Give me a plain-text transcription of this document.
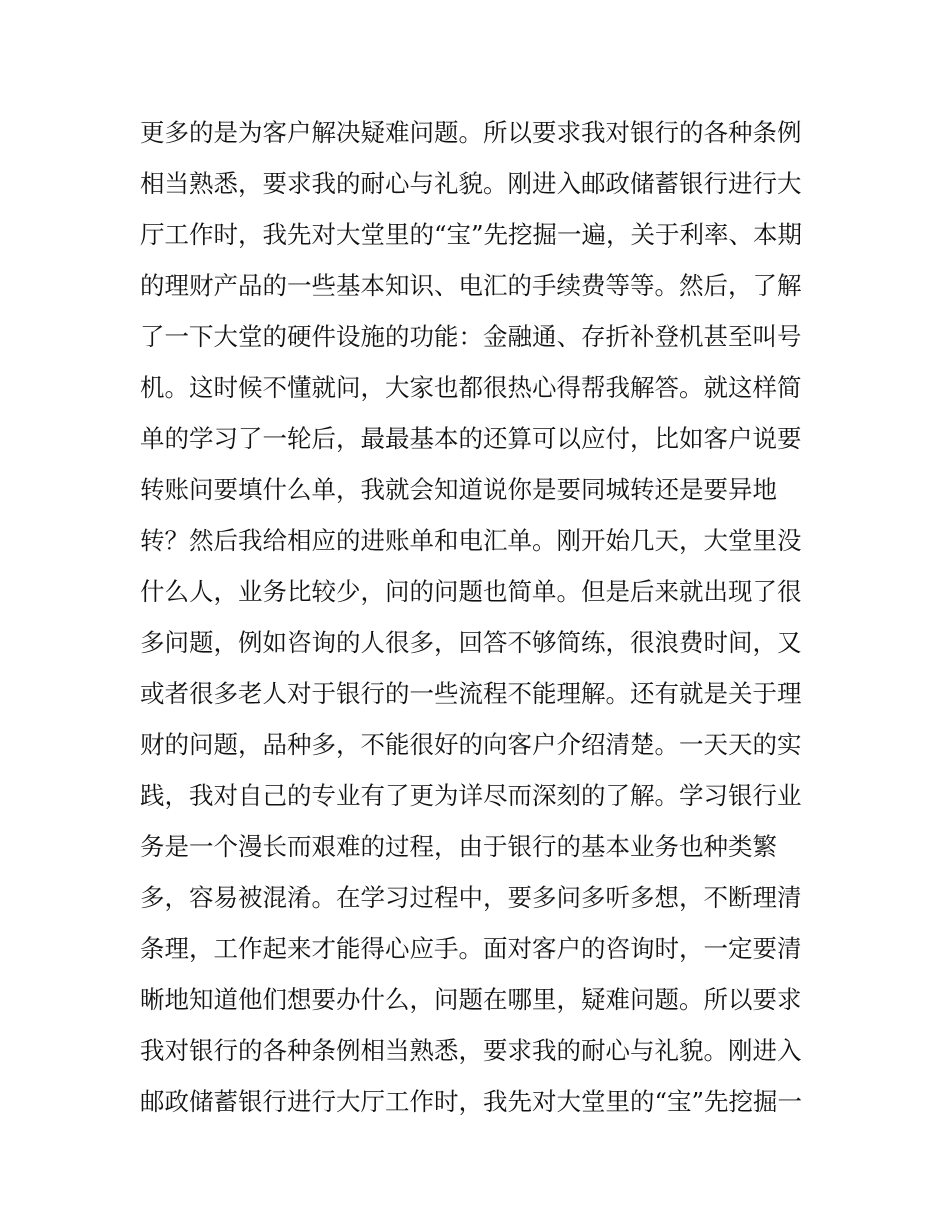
更多的是为客户解决疑难问题。所以要求我对银行的各种条例
相当熟悉，要求我的耐心与礼貌。刚进入邮政储蓄银行进行大
厅工作时，我先对大堂里的“宝”先挖掘一遍，关于利率、本期
的理财产品的一些基本知识、电汇的手续费等等。然后，了解
了一下大堂的硬件设施的功能：金融通、存折补登机甚至叫号
机。这时候不懂就问，大家也都很热心得帮我解答。就这样简
单的学习了一轮后，最最基本的还算可以应付，比如客户说要
转账问要填什么单，我就会知道说你是要同城转还是要异地
转？然后我给相应的进账单和电汇单。刚开始几天，大堂里没
什么人，业务比较少，问的问题也简单。但是后来就出现了很
多问题，例如咨询的人很多，回答不够简练，很浪费时间，又
或者很多老人对于银行的一些流程不能理解。还有就是关于理
财的问题，品种多，不能很好的向客户介绍清楚。一天天的实
践，我对自己的专业有了更为详尽而深刻的了解。学习银行业
务是一个漫长而艰难的过程，由于银行的基本业务也种类繁
多，容易被混淆。在学习过程中，要多问多听多想，不断理清
条理，工作起来才能得心应手。面对客户的咨询时，一定要清
晰地知道他们想要办什么，问题在哪里，疑难问题。所以要求
我对银行的各种条例相当熟悉，要求我的耐心与礼貌。刚进入
邮政储蓄银行进行大厅工作时，我先对大堂里的“宝”先挖掘一
